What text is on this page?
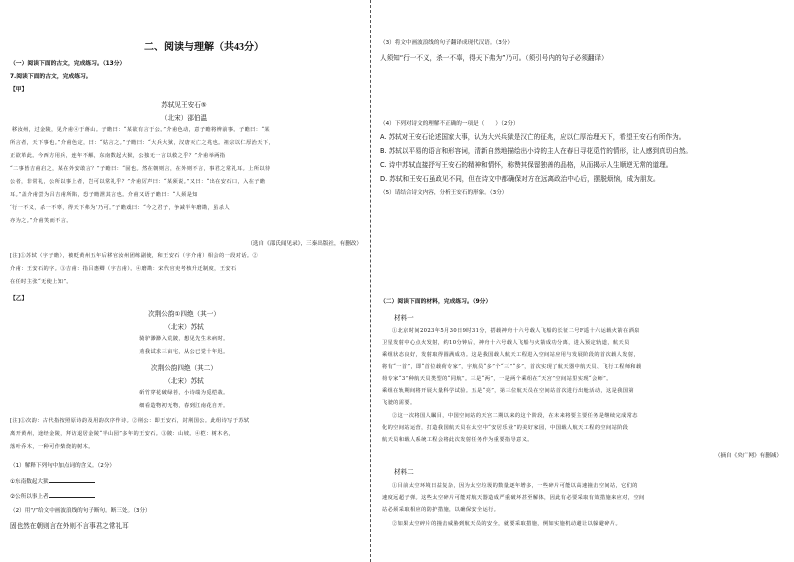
二、阅读与理解（共43分）
（一）阅读下面的古文，完成练习。（13分）
7.阅读下面的古文，完成练习。
【甲】
苏轼见王安石⑤
（北宋）邵伯温
移汝州，过金陵，见介甫④于蒋山。子瞻曰：“某欲有言于公。”介甫色动，意子瞻将辨前事。子瞻曰：“某
所言者，天下事也。”介甫色定，曰：“姑言之。”子瞻曰：“大兵大狱，汉唐灭亡之兆也。祖宗以仁厚治天下，
正欲革此。今西方用兵，连年不解，东南数起大狱，公独无一言以救之乎？”介甫举两指
“二事皆吉甫启之，某在外安敢言？”子瞻曰：“固也。然在朝则言，在外则不言，事君之常礼耳。上所以待
公者，非常礼，公所以事上者，岂可以常礼乎？”介甫厉声曰：“某须说。”又曰：“出在安石口，入在子瞻
耳。”盖介甫尝为吕吉甫所陷，恐子瞻泄其言也。介甫又语子瞻曰：“人须是知
‘行一不义，杀一不辜，得天下弗为’乃可。”子瞻戏曰：“今之君子，争减半年磨勘，虽杀人
亦为之。”介甫笑而不言。
（选自《邵氏闻见录》，三秦出版社，有删改）
[注]①苏轼（字子瞻），被贬黄州五年后移官汝州团练副使，和王安石（字介甫）相会的一段对话。②
介甫：王安石的字。③吉甫：指吕惠卿（字吉甫）。④磨勘：宋代官吏考核升迁制度，王安石
在任时主张“无使上知”。
【乙】
次荆公韵①四绝（其一）
（北宋）苏轼
骑驴渺渺入荒陂，想见先生未病时。
劝我试求三亩宅，从公已觉十年迟。
次荆公韵四绝（其二）
（北宋）苏轼
斫竹穿花破绿苔，小诗端为觅桤栽。
细看造物初无物，春到江南花自开。
[注]①次韵：古代指按照原诗韵及用韵次序作诗。②荆公：即王安石，封荆国公。此组诗写于苏轼
离开黄州，途经金陵，拜访退居金陵“半山园”多年的王安石。③陂：山坡。④桤：树木名，
落叶乔木，一种可作柴烧的树木。
（1）解释下列句中加点词的含义。（2分）
①东南数起大狱
②公所以事上者
（2）用“/”给文中画波浪线的句子断句。断三处。（3分）
固也然在朝则言在外则不言事君之常礼耳
（3）将文中画波浪线的句子翻译成现代汉语。（3分）
人须知“行一不义，杀一不辜，得天下弗为”乃可。（须引号内的句子必须翻译）
（4）下列对诗文的理解不正确的一项是（　　）（2分）
A. 苏轼对王安石论述国家大事，认为大兴兵狱是汉亡的征兆，应以仁厚治理天下，希望王安石有所作为。
B. 苏轼以平易的语言和形容词，清新自然地描绘出小诗的主人在春日寻花觅竹的情形，让人感到真切自然。
C. 诗中苏轼直接抒写王安石的精神和情怀，称赞其保留独善的品格，从而揭示人生顺逆无常的道理。
D. 苏轼和王安石虽政见不同，但在诗文中都确保对方在远离政治中心后，摆脱烦恼，成为朋友。
（5）请结合诗文内容，分析王安石的形象。（3分）
（二）阅读下面的材料，完成练习。（9分）
材料一
①北京时间2023年5月30日9时31分，搭载神舟十六号载人飞船的长征二号F遥十六运载火箭在酒泉
卫星发射中心点火发射，约10分钟后，神舟十六号载人飞船与火箭成功分离，进入预定轨道，航天员
乘组状态良好，发射取得圆满成功。这是我国载人航天工程进入空间站应用与发展阶段的首次载人发射，
将有“一首”，即“首位载荷专家”，宇航员“多”个“三”“多”，首次实现了航天器中航天员、飞行工程师和载
荷专家“3”种航天员类型的“同航”。三是“两”，一是两个乘组在“天宫”空间站里实现“会师”。
乘组在轨期间将开展大量科学试验。五是“亮”，第三位航天员在空间站首次进行出舱活动，这是我国第
飞驶的需要。
②这一次将国人瞩目，中国空间站的天宫二期以来的这个阶段，在未来将要主要任务是继续完成常态
化的空间站运营，打造我国航天员在太空中“安居乐业”的美好家园，中国载人航天工程的空间站阶段
航天员和载人系统工程会将此次发射任务作为重要指导意义。
（摘自《央广网》有删减）
材料二
①目前太空环境日益复杂，因为太空垃圾的数量逐年增多，一些碎片可能以高速撞击空间站，它们的
速度远超子弹。这些太空碎片可能对航天器造成严重破坏甚至解体，因此有必要采取有效措施来应对，空间
站必须采取相应的防护措施，以确保安全运行。
②如果太空碎片的撞击威胁到航天员的安全，就要采取措施，例如实施机动避让以躲避碎片。
